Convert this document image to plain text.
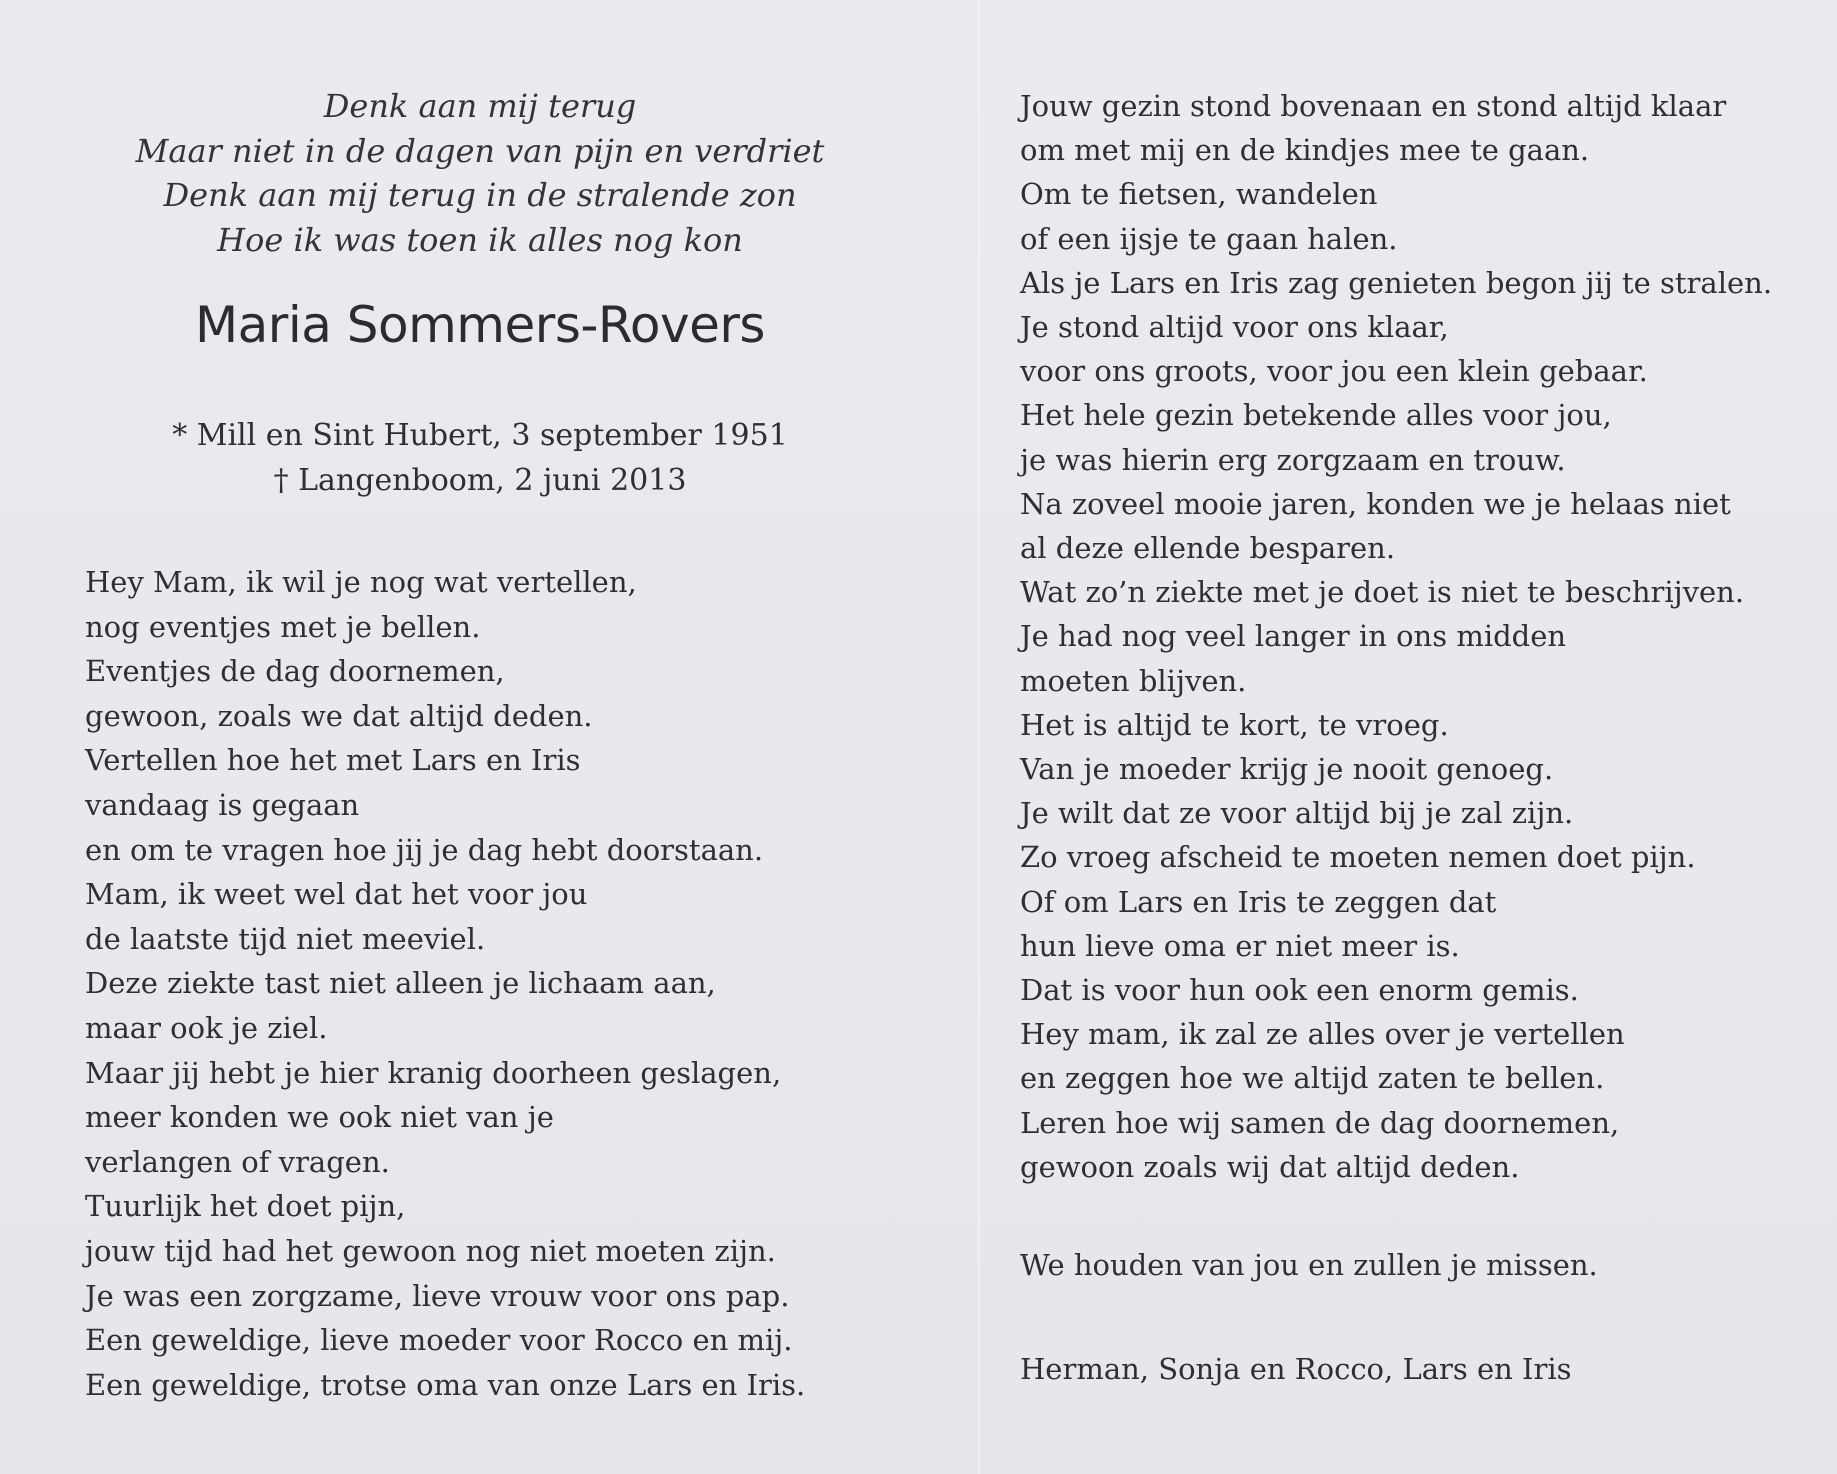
Denk aan mij terug
Maar niet in de dagen van pijn en verdriet
Denk aan mij terug in de stralende zon
Hoe ik was toen ik alles nog kon
Maria Sommers-Rovers
* Mill en Sint Hubert, 3 september 1951
† Langenboom, 2 juni 2013
Hey Mam, ik wil je nog wat vertellen,
nog eventjes met je bellen.
Eventjes de dag doornemen,
gewoon, zoals we dat altijd deden.
Vertellen hoe het met Lars en Iris
vandaag is gegaan
en om te vragen hoe jij je dag hebt doorstaan.
Mam, ik weet wel dat het voor jou
de laatste tijd niet meeviel.
Deze ziekte tast niet alleen je lichaam aan,
maar ook je ziel.
Maar jij hebt je hier kranig doorheen geslagen,
meer konden we ook niet van je
verlangen of vragen.
Tuurlijk het doet pijn,
jouw tijd had het gewoon nog niet moeten zijn.
Je was een zorgzame, lieve vrouw voor ons pap.
Een geweldige, lieve moeder voor Rocco en mij.
Een geweldige, trotse oma van onze Lars en Iris.
Jouw gezin stond bovenaan en stond altijd klaar
om met mij en de kindjes mee te gaan.
Om te fietsen, wandelen
of een ijsje te gaan halen.
Als je Lars en Iris zag genieten begon jij te stralen.
Je stond altijd voor ons klaar,
voor ons groots, voor jou een klein gebaar.
Het hele gezin betekende alles voor jou,
je was hierin erg zorgzaam en trouw.
Na zoveel mooie jaren, konden we je helaas niet
al deze ellende besparen.
Wat zo’n ziekte met je doet is niet te beschrijven.
Je had nog veel langer in ons midden
moeten blijven.
Het is altijd te kort, te vroeg.
Van je moeder krijg je nooit genoeg.
Je wilt dat ze voor altijd bij je zal zijn.
Zo vroeg afscheid te moeten nemen doet pijn.
Of om Lars en Iris te zeggen dat
hun lieve oma er niet meer is.
Dat is voor hun ook een enorm gemis.
Hey mam, ik zal ze alles over je vertellen
en zeggen hoe we altijd zaten te bellen.
Leren hoe wij samen de dag doornemen,
gewoon zoals wij dat altijd deden.
We houden van jou en zullen je missen.
Herman, Sonja en Rocco, Lars en Iris
